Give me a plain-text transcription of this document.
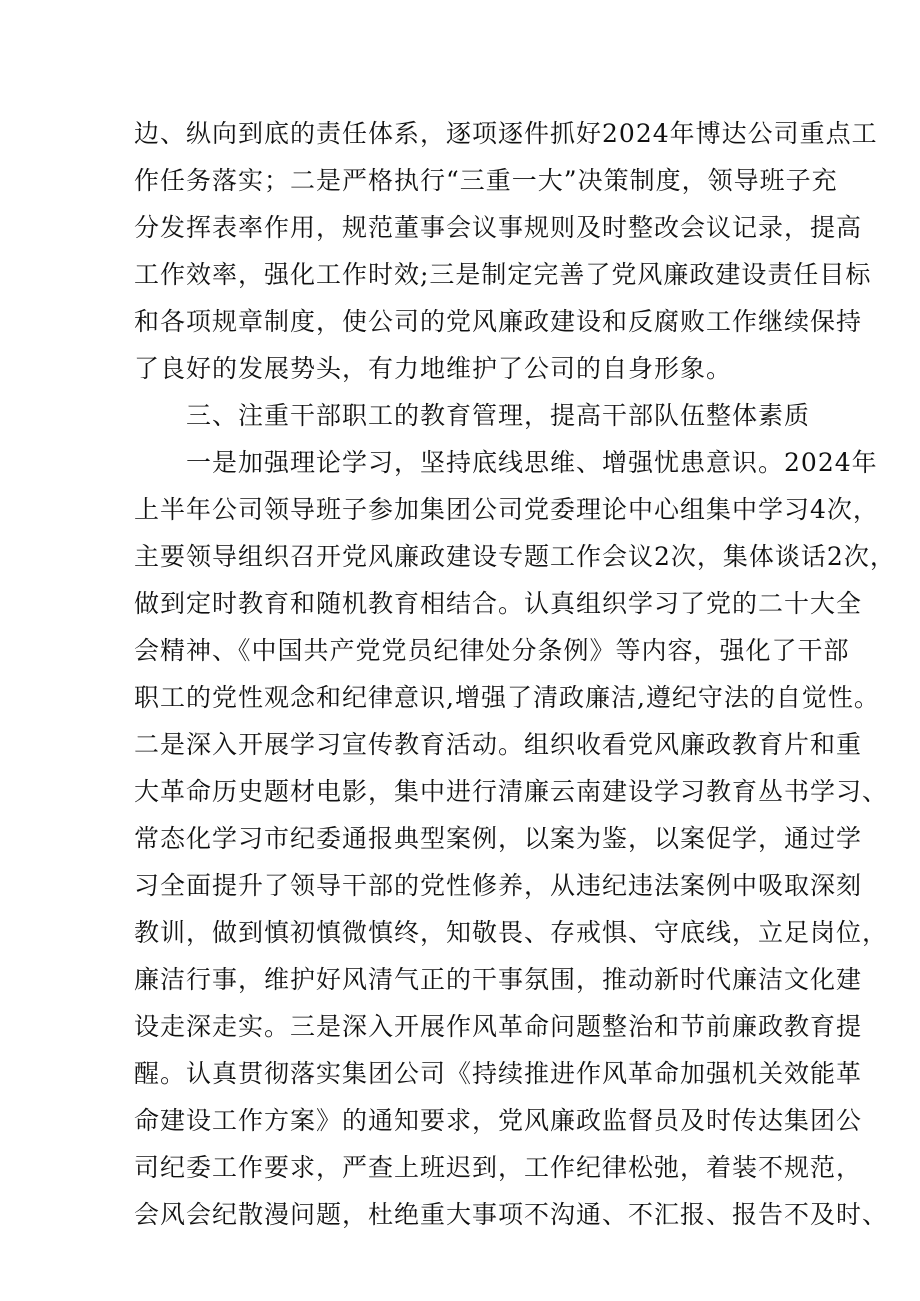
边、纵向到底的责任体系，逐项逐件抓好2024年博达公司重点工
作任务落实；二是严格执行“三重一大”决策制度，领导班子充
分发挥表率作用，规范董事会议事规则及时整改会议记录，提高
工作效率，强化工作时效;三是制定完善了党风廉政建设责任目标
和各项规章制度，使公司的党风廉政建设和反腐败工作继续保持
了良好的发展势头，有力地维护了公司的自身形象。
三、注重干部职工的教育管理，提高干部队伍整体素质
一是加强理论学习，坚持底线思维、增强忧患意识。2024年
上半年公司领导班子参加集团公司党委理论中心组集中学习4次，
主要领导组织召开党风廉政建设专题工作会议2次，集体谈话2次，
做到定时教育和随机教育相结合。认真组织学习了党的二十大全
会精神、《中国共产党党员纪律处分条例》等内容，强化了干部
职工的党性观念和纪律意识,增强了清政廉洁,遵纪守法的自觉性。
二是深入开展学习宣传教育活动。组织收看党风廉政教育片和重
大革命历史题材电影，集中进行清廉云南建设学习教育丛书学习、
常态化学习市纪委通报典型案例，以案为鉴，以案促学，通过学
习全面提升了领导干部的党性修养，从违纪违法案例中吸取深刻
教训，做到慎初慎微慎终，知敬畏、存戒惧、守底线，立足岗位，
廉洁行事，维护好风清气正的干事氛围，推动新时代廉洁文化建
设走深走实。三是深入开展作风革命问题整治和节前廉政教育提
醒。认真贯彻落实集团公司《持续推进作风革命加强机关效能革
命建设工作方案》的通知要求，党风廉政监督员及时传达集团公
司纪委工作要求，严查上班迟到，工作纪律松弛，着装不规范，
会风会纪散漫问题，杜绝重大事项不沟通、不汇报、报告不及时、
